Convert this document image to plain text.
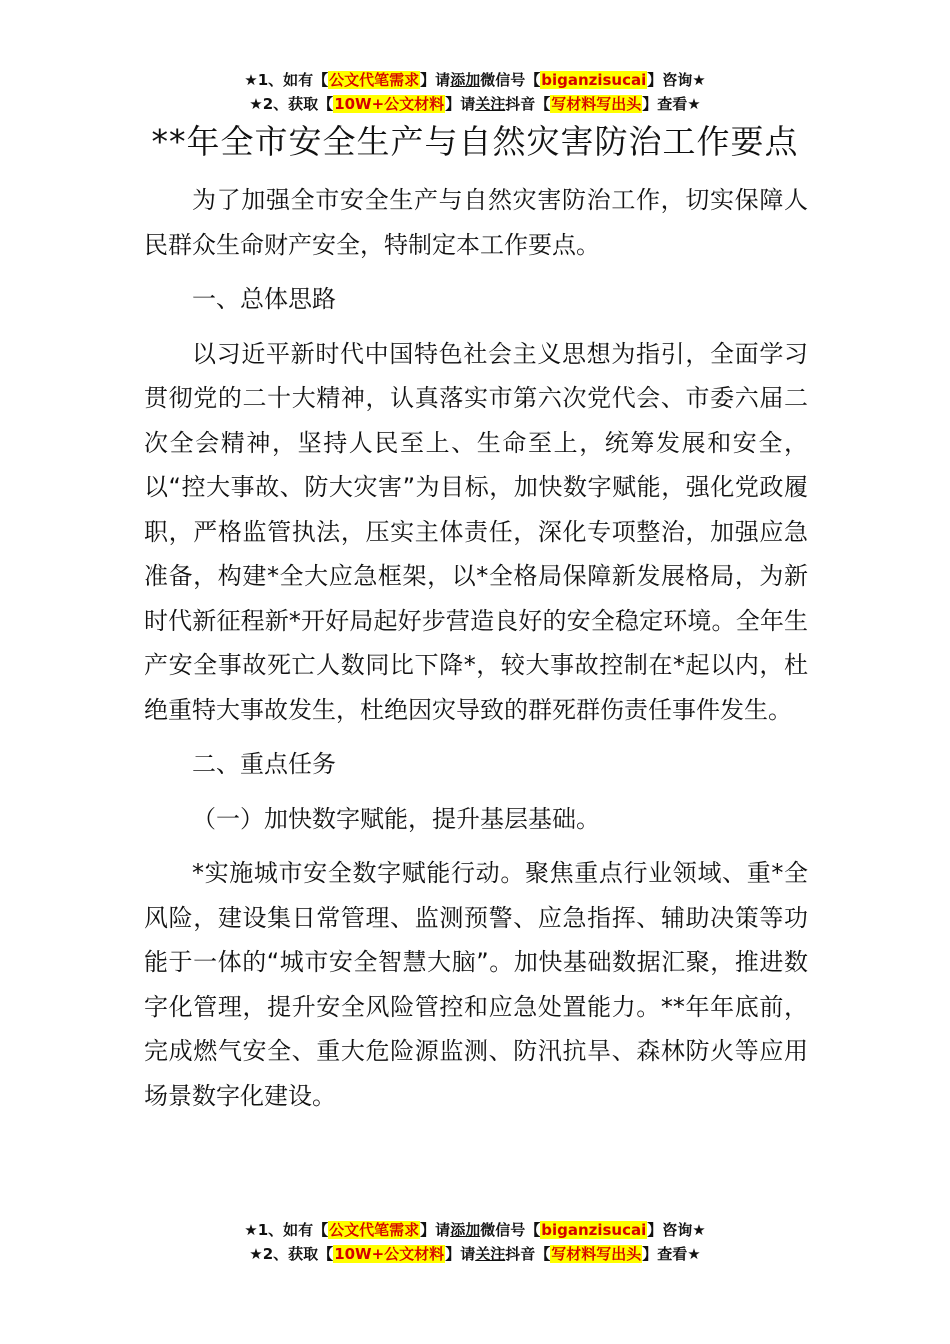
★1、如有【公文代笔需求】请添加微信号【biganzisucai】咨询★
★2、获取【10W+公文材料】请关注抖音【写材料写出头】查看★
**年全市安全生产与自然灾害防治工作要点

为了加强全市安全生产与自然灾害防治工作，切实保障人民群众生命财产安全，特制定本工作要点。

一、总体思路

以习近平新时代中国特色社会主义思想为指引，全面学习贯彻党的二十大精神，认真落实市第六次党代会、市委六届二次全会精神，坚持人民至上、生命至上，统筹发展和安全，以“控大事故、防大灾害”为目标，加快数字赋能，强化党政履职，严格监管执法，压实主体责任，深化专项整治，加强应急准备，构建*全大应急框架，以*全格局保障新发展格局，为新时代新征程新*开好局起好步营造良好的安全稳定环境。全年生产安全事故死亡人数同比下降*，较大事故控制在*起以内，杜绝重特大事故发生，杜绝因灾导致的群死群伤责任事件发生。

二、重点任务

（一）加快数字赋能，提升基层基础。

*实施城市安全数字赋能行动。聚焦重点行业领域、重*全风险，建设集日常管理、监测预警、应急指挥、辅助决策等功能于一体的“城市安全智慧大脑”。加快基础数据汇聚，推进数字化管理，提升安全风险管控和应急处置能力。**年年底前，完成燃气安全、重大危险源监测、防汛抗旱、森林防火等应用场景数字化建设。

★1、如有【公文代笔需求】请添加微信号【biganzisucai】咨询★
★2、获取【10W+公文材料】请关注抖音【写材料写出头】查看★
